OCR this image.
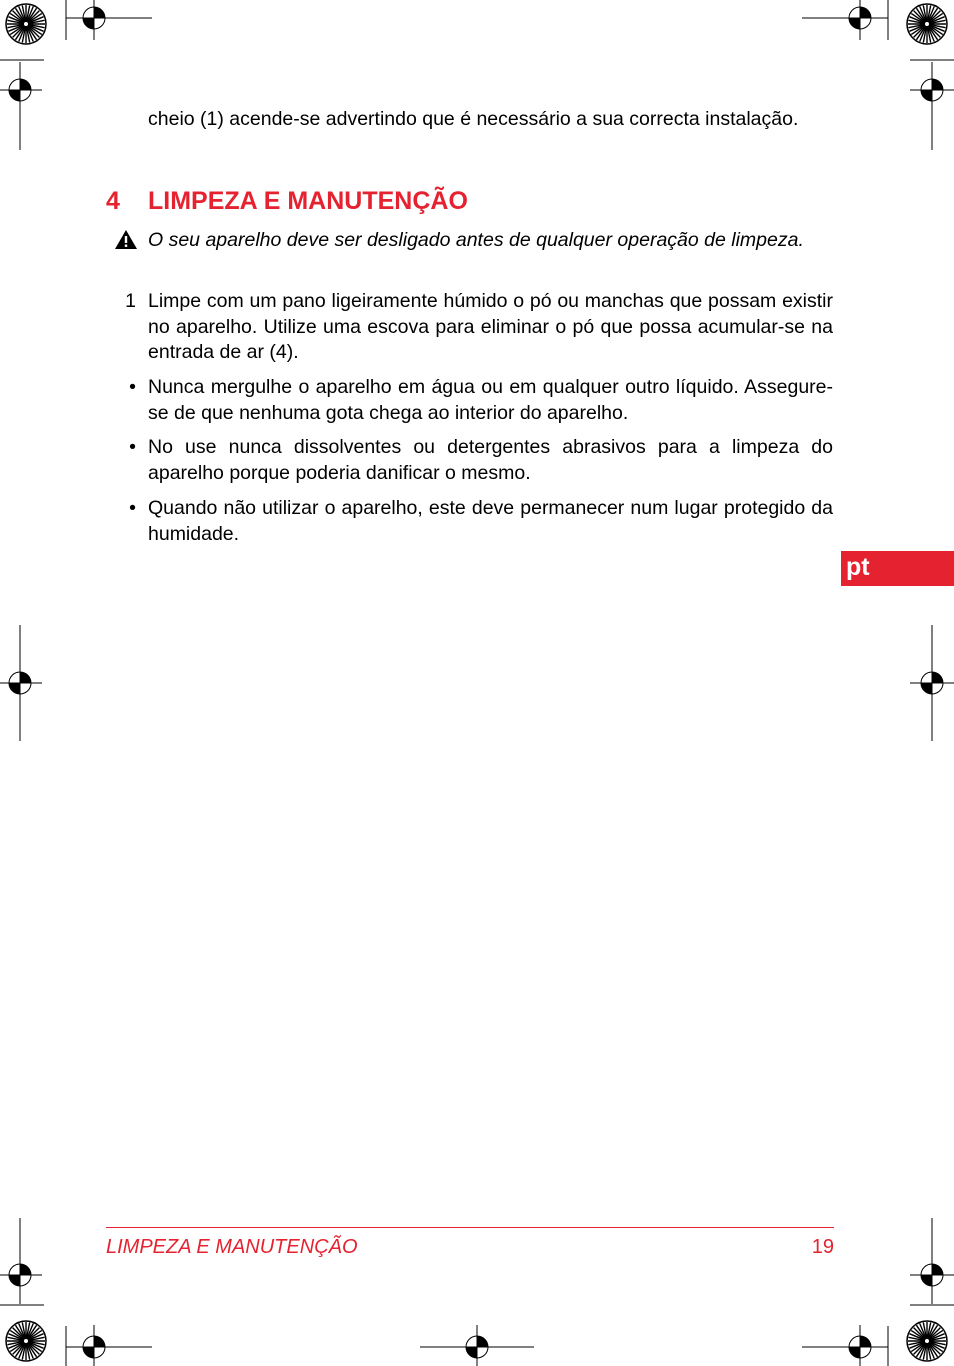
cheio (1) acende-se advertindo que é necessário a sua correcta instalação.
4 LIMPEZA E MANUTENÇÃO
O seu aparelho deve ser desligado antes de qualquer operação de limpeza.
1 Limpe com um pano ligeiramente húmido o pó ou manchas que possam existir no aparelho. Utilize uma escova para eliminar o pó que possa acumular-se na entrada de ar (4).
• Nunca mergulhe o aparelho em água ou em qualquer outro líquido. Assegure-se de que nenhuma gota chega ao interior do aparelho.
• No use nunca dissolventes ou detergentes abrasivos para a limpeza do aparelho porque poderia danificar o mesmo.
• Quando não utilizar o aparelho, este deve permanecer num lugar protegido da humidade.
pt
LIMPEZA E MANUTENÇÃO	19
